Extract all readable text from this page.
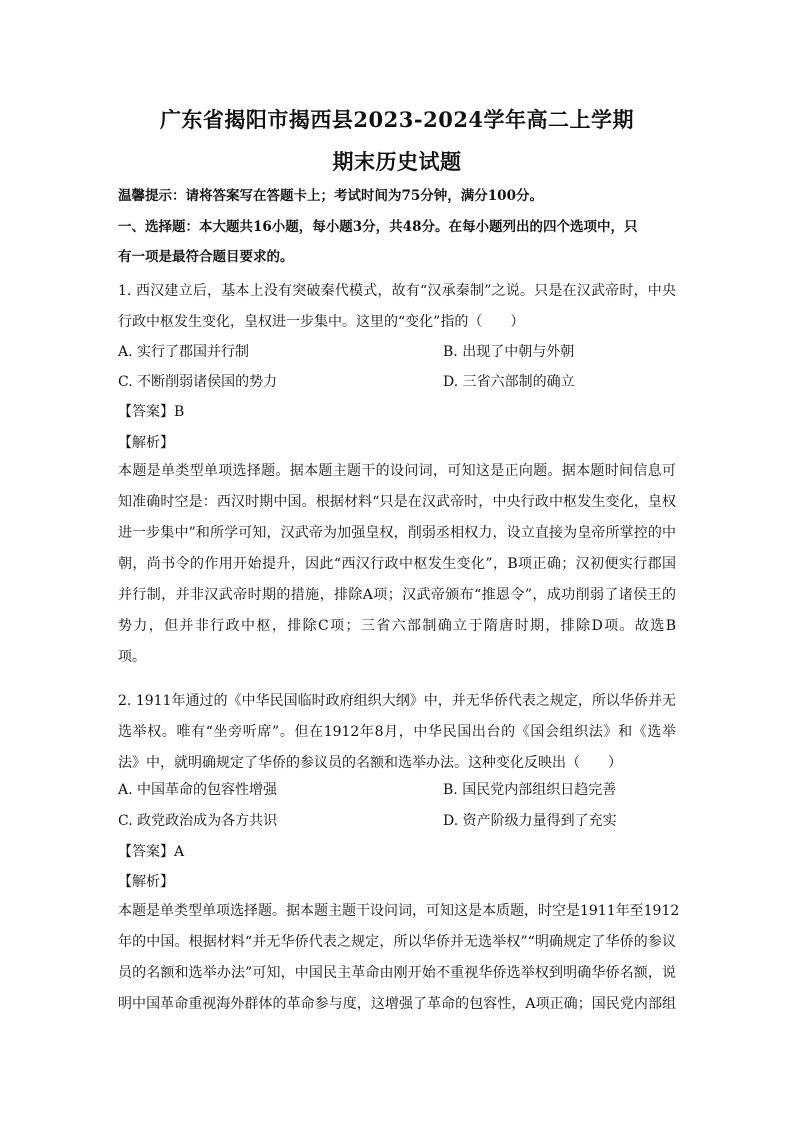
广东省揭阳市揭西县2023-2024学年高二上学期
期末历史试题
温馨提示：请将答案写在答题卡上；考试时间为75分钟，满分100分。
一、选择题：本大题共16小题，每小题3分，共48分。在每小题列出的四个选项中，只
有一项是最符合题目要求的。
1. 西汉建立后，基本上没有突破秦代模式，故有“汉承秦制”之说。只是在汉武帝时，中央
行政中枢发生变化，皇权进一步集中。这里的“变化”指的（　　）
A. 实行了郡国并行制	B. 出现了中朝与外朝
C. 不断削弱诸侯国的势力	D. 三省六部制的确立
【答案】B
【解析】
本题是单类型单项选择题。据本题主题干的设问词，可知这是正向题。据本题时间信息可
知准确时空是：西汉时期中国。根据材料“只是在汉武帝时，中央行政中枢发生变化，皇权
进一步集中”和所学可知，汉武帝为加强皇权，削弱丞相权力，设立直接为皇帝所掌控的中
朝，尚书令的作用开始提升，因此“西汉行政中枢发生变化”，B项正确；汉初便实行郡国
并行制，并非汉武帝时期的措施，排除A项；汉武帝颁布“推恩令”，成功削弱了诸侯王的
势力，但并非行政中枢，排除C项；三省六部制确立于隋唐时期，排除D项。故选B
项。
2. 1911年通过的《中华民国临时政府组织大纲》中，并无华侨代表之规定，所以华侨并无
选举权。唯有“坐旁听席”。但在1912年8月，中华民国出台的《国会组织法》和《选举
法》中，就明确规定了华侨的参议员的名额和选举办法。这种变化反映出（　　）
A. 中国革命的包容性增强	B. 国民党内部组织日趋完善
C. 政党政治成为各方共识	D. 资产阶级力量得到了充实
【答案】A
【解析】
本题是单类型单项选择题。据本题主题干设问词，可知这是本质题，时空是1911年至1912
年的中国。根据材料“并无华侨代表之规定，所以华侨并无选举权”“明确规定了华侨的参议
员的名额和选举办法”可知，中国民主革命由刚开始不重视华侨选举权到明确华侨名额，说
明中国革命重视海外群体的革命参与度，这增强了革命的包容性，A项正确；国民党内部组
